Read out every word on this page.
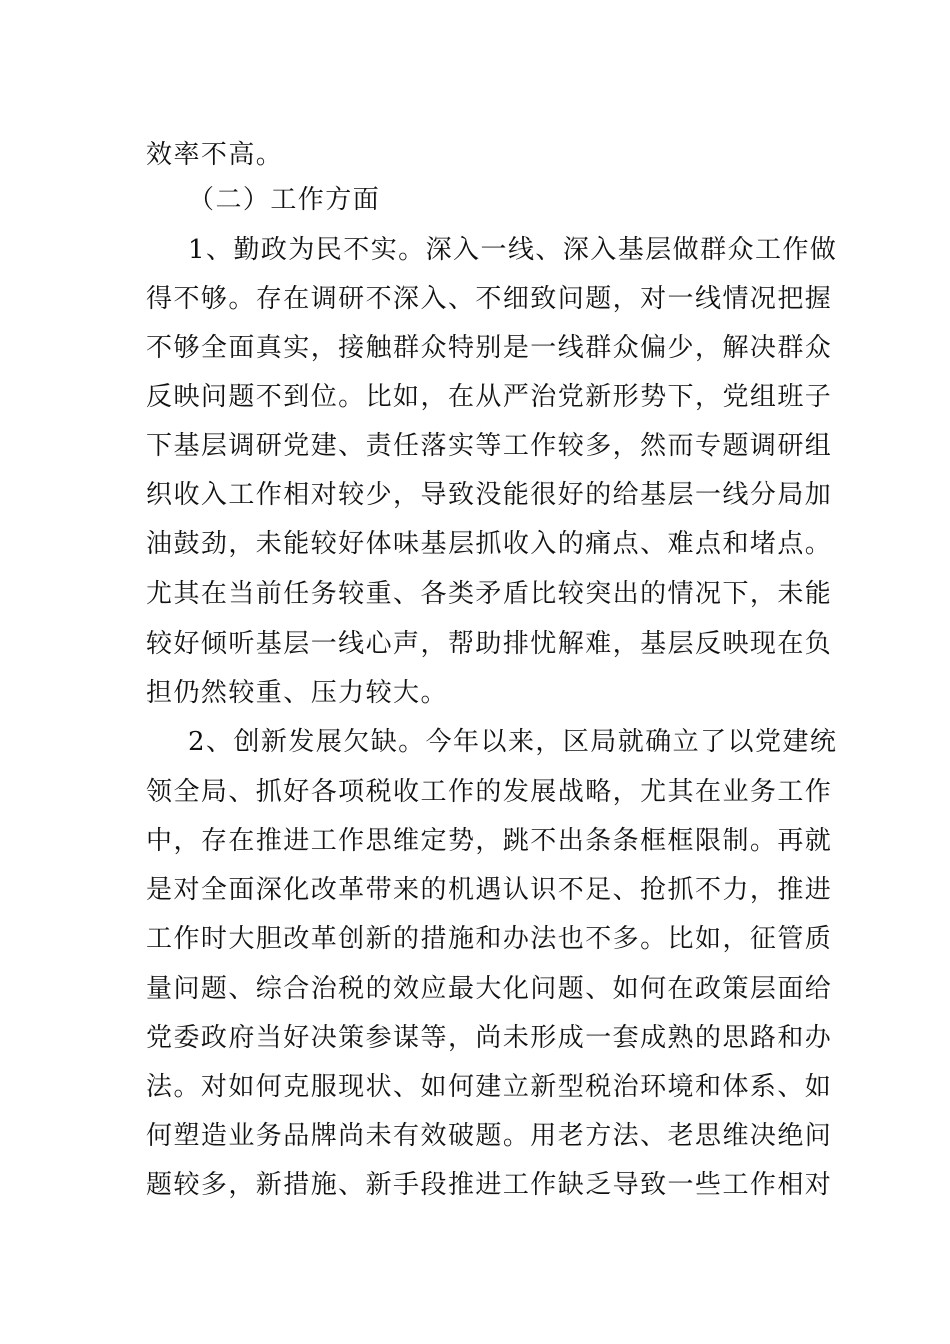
效率不高。
（二）工作方面
1、勤政为民不实。深入一线、深入基层做群众工作做
得不够。存在调研不深入、不细致问题，对一线情况把握
不够全面真实，接触群众特别是一线群众偏少，解决群众
反映问题不到位。比如，在从严治党新形势下，党组班子
下基层调研党建、责任落实等工作较多，然而专题调研组
织收入工作相对较少，导致没能很好的给基层一线分局加
油鼓劲，未能较好体味基层抓收入的痛点、难点和堵点。
尤其在当前任务较重、各类矛盾比较突出的情况下，未能
较好倾听基层一线心声，帮助排忧解难，基层反映现在负
担仍然较重、压力较大。
2、创新发展欠缺。今年以来，区局就确立了以党建统
领全局、抓好各项税收工作的发展战略，尤其在业务工作
中，存在推进工作思维定势，跳不出条条框框限制。再就
是对全面深化改革带来的机遇认识不足、抢抓不力，推进
工作时大胆改革创新的措施和办法也不多。比如，征管质
量问题、综合治税的效应最大化问题、如何在政策层面给
党委政府当好决策参谋等，尚未形成一套成熟的思路和办
法。对如何克服现状、如何建立新型税治环境和体系、如
何塑造业务品牌尚未有效破题。用老方法、老思维决绝问
题较多，新措施、新手段推进工作缺乏导致一些工作相对
